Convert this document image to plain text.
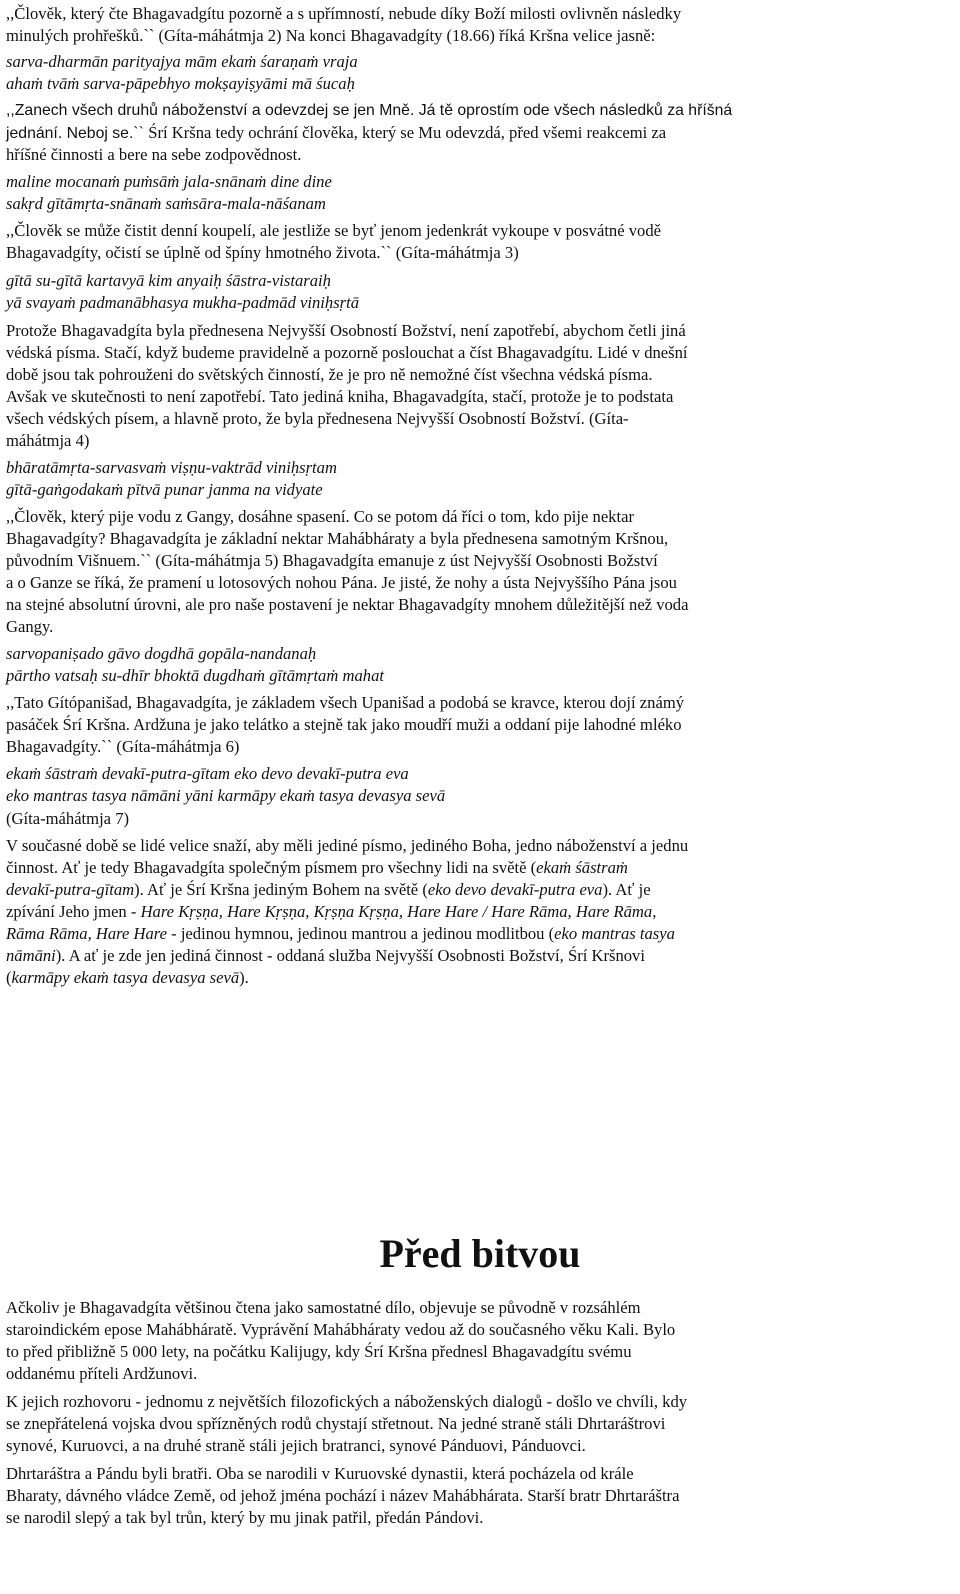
,,Člověk, který čte Bhagavadgítu pozorně a s upřímností, nebude díky Boží milosti ovlivněn následky
minulých prohřešků.`` (Gíta-máhátmja 2) Na konci Bhagavadgíty (18.66) říká Kršna velice jasně:
sarva-dharmān parityajya mām ekaṁ śaraṇaṁ vraja
ahaṁ tvāṁ sarva-pāpebhyo mokṣayiṣyāmi mā śucaḥ
,,Zanech všech druhů náboženství a odevzdej se jen Mně. Já tě oprostím ode všech následků za hříšná
jednání. Neboj se.`` Śrí Kršna tedy ochrání člověka, který se Mu odevzdá, před všemi reakcemi za
hříšné činnosti a bere na sebe zodpovědnost.
maline mocanaṁ puṁsāṁ jala-snānaṁ dine dine
sakṛd gītāmṛta-snānaṁ saṁsāra-mala-nāśanam
,,Člověk se může čistit denní koupelí, ale jestliže se byť jenom jedenkrát vykoupe v posvátné vodě
Bhagavadgíty, očistí se úplně od špíny hmotného života.`` (Gíta-máhátmja 3)
gītā su-gītā kartavyā kim anyaiḥ śāstra-vistaraiḥ
yā svayaṁ padmanābhasya mukha-padmād viniḥsṛtā
Protože Bhagavadgíta byla přednesena Nejvyšší Osobností Božství, není zapotřebí, abychom četli jiná
védská písma. Stačí, když budeme pravidelně a pozorně poslouchat a číst Bhagavadgítu. Lidé v dnešní
době jsou tak pohrouženi do světských činností, že je pro ně nemožné číst všechna védská písma.
Avšak ve skutečnosti to není zapotřebí. Tato jediná kniha, Bhagavadgíta, stačí, protože je to podstata
všech védských písem, a hlavně proto, že byla přednesena Nejvyšší Osobností Božství. (Gíta-
máhátmja 4)
bhāratāmṛta-sarvasvaṁ viṣṇu-vaktrād viniḥsṛtam
gītā-gaṅgodakaṁ pītvā punar janma na vidyate
,,Člověk, který pije vodu z Gangy, dosáhne spasení. Co se potom dá říci o tom, kdo pije nektar
Bhagavadgíty? Bhagavadgíta je základní nektar Mahábháraty a byla přednesena samotným Kršnou,
původním Višnuem.`` (Gíta-máhátmja 5) Bhagavadgíta emanuje z úst Nejvyšší Osobnosti Božství
a o Ganze se říká, že pramení u lotosových nohou Pána. Je jisté, že nohy a ústa Nejvyššího Pána jsou
na stejné absolutní úrovni, ale pro naše postavení je nektar Bhagavadgíty mnohem důležitější než voda
Gangy.
sarvopaniṣado gāvo dogdhā gopāla-nandanaḥ
pārtho vatsaḥ su-dhīr bhoktā dugdhaṁ gītāmṛtaṁ mahat
,,Tato Gítópanišad, Bhagavadgíta, je základem všech Upanišad a podobá se kravce, kterou dojí známý
pasáček Śrí Kršna. Ardžuna je jako telátko a stejně tak jako moudří muži a oddaní pije lahodné mléko
Bhagavadgíty.`` (Gíta-máhátmja 6)
ekaṁ śāstraṁ devakī-putra-gītam eko devo devakī-putra eva
eko mantras tasya nāmāni yāni karmāpy ekaṁ tasya devasya sevā
(Gíta-máhátmja 7)
V současné době se lidé velice snaží, aby měli jediné písmo, jediného Boha, jedno náboženství a jednu
činnost. Ať je tedy Bhagavadgíta společným písmem pro všechny lidi na světě (ekaṁ śāstraṁ
devakī-putra-gītam). Ať je Śrí Kršna jediným Bohem na světě (eko devo devakī-putra eva). Ať je
zpívání Jeho jmen - Hare Kṛṣṇa, Hare Kṛṣṇa, Kṛṣṇa Kṛṣṇa, Hare Hare / Hare Rāma, Hare Rāma,
Rāma Rāma, Hare Hare - jedinou hymnou, jedinou mantrou a jedinou modlitbou (eko mantras tasya
nāmāni). A ať je zde jen jediná činnost - oddaná služba Nejvyšší Osobnosti Božství, Śrí Kršnovi
(karmāpy ekaṁ tasya devasya sevā).
Před bitvou
Ačkoliv je Bhagavadgíta většinou čtena jako samostatné dílo, objevuje se původně v rozsáhlém
staroindickém epose Mahábháratě. Vyprávění Mahábháraty vedou až do současného věku Kali. Bylo
to před přibližně 5 000 lety, na počátku Kalijugy, kdy Śrí Kršna přednesl Bhagavadgítu svému
oddanému příteli Ardžunovi.
K jejich rozhovoru - jednomu z největších filozofických a náboženských dialogů - došlo ve chvíli, kdy
se znepřátelená vojska dvou spřízněných rodů chystají střetnout. Na jedné straně stáli Dhrtaráštrovi
synové, Kuruovci, a na druhé straně stáli jejich bratranci, synové Pánduovi, Pánduovci.
Dhrtaráštra a Pándu byli bratři. Oba se narodili v Kuruovské dynastii, která pocházela od krále
Bharaty, dávného vládce Země, od jehož jména pochází i název Mahábhárata. Starší bratr Dhrtaráštra
se narodil slepý a tak byl trůn, který by mu jinak patřil, předán Pándovi.
